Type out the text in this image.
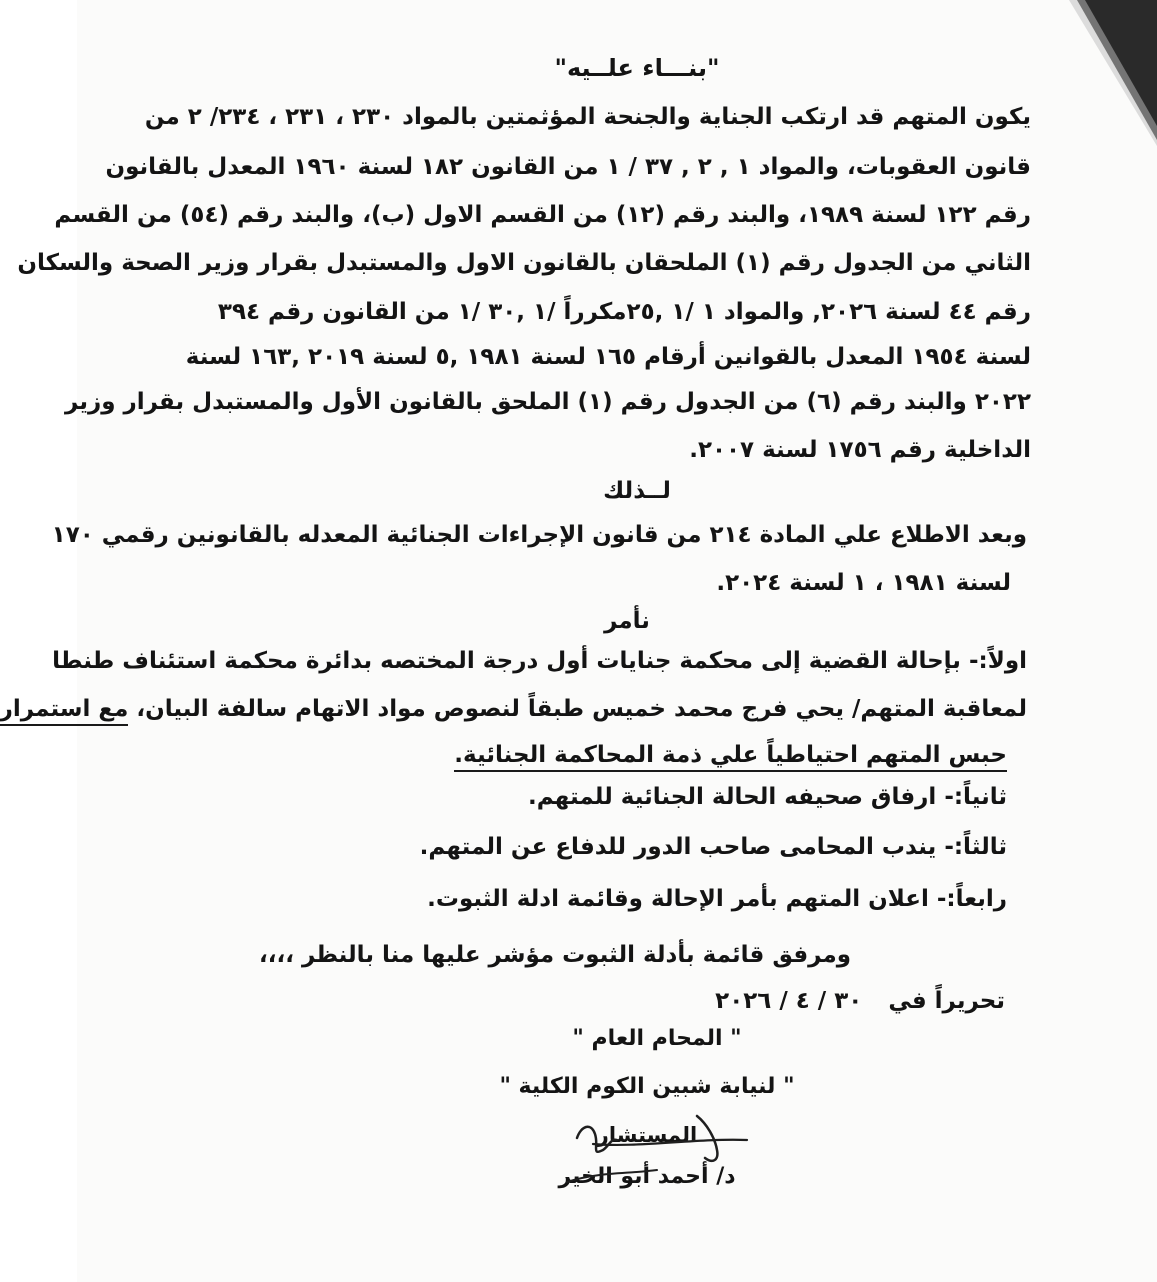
"بنـــاء علــيه"

يكون المتهم قد ارتكب الجناية والجنحة المؤثمتين بالمواد ٢٣٠ ، ٢٣١ ، ٢٣٤/ ٢ من

قانون العقوبات، والمواد ١ , ٢ , ٣٧ / ١ من القانون ١٨٢ لسنة ١٩٦٠ المعدل بالقانون

رقم ١٢٢ لسنة ١٩٨٩، والبند رقم (١٢) من القسم الاول (ب)، والبند رقم (٥٤) من القسم

الثاني من الجدول رقم (١) الملحقان بالقانون الاول والمستبدل بقرار وزير الصحة والسكان

رقم ٤٤ لسنة ٢٠٢٦, والمواد ١ /١ ,٢٥مكرراً /١ ,٣٠ /١ من القانون رقم ٣٩٤

لسنة ١٩٥٤ المعدل بالقوانين أرقام ١٦٥ لسنة ١٩٨١ ,٥ لسنة ٢٠١٩ ,١٦٣ لسنة

٢٠٢٢ والبند رقم (٦) من الجدول رقم (١) الملحق بالقانون الأول والمستبدل بقرار وزير

الداخلية رقم ١٧٥٦ لسنة ٢٠٠٧.

لــذلك

وبعد الاطلاع علي المادة ٢١٤ من قانون الإجراءات الجنائية المعدله بالقانونين رقمي ١٧٠

لسنة ١٩٨١ ، ١ لسنة ٢٠٢٤.

نأمر

اولاً:- بإحالة القضية إلى محكمة جنايات أول درجة المختصه بدائرة محكمة استئناف طنطا

لمعاقبة المتهم/ يحي فرج محمد خميس طبقاً لنصوص مواد الاتهام سالفة البيان، مع استمرار

حبس المتهم احتياطياً علي ذمة المحاكمة الجنائية.

ثانياً:- ارفاق صحيفه الحالة الجنائية للمتهم.

ثالثاً:- يندب المحامى صاحب الدور للدفاع عن المتهم.

رابعاً:- اعلان المتهم بأمر الإحالة وقائمة ادلة الثبوت.

ومرفق قائمة بأدلة الثبوت مؤشر عليها منا بالنظر ،،،،

تحريراً في ٣٠ / ٤ / ٢٠٢٦

" المحام العام "

" لنيابة شبين الكوم الكلية "

المستشار

د/ أحمد أبو الخير
